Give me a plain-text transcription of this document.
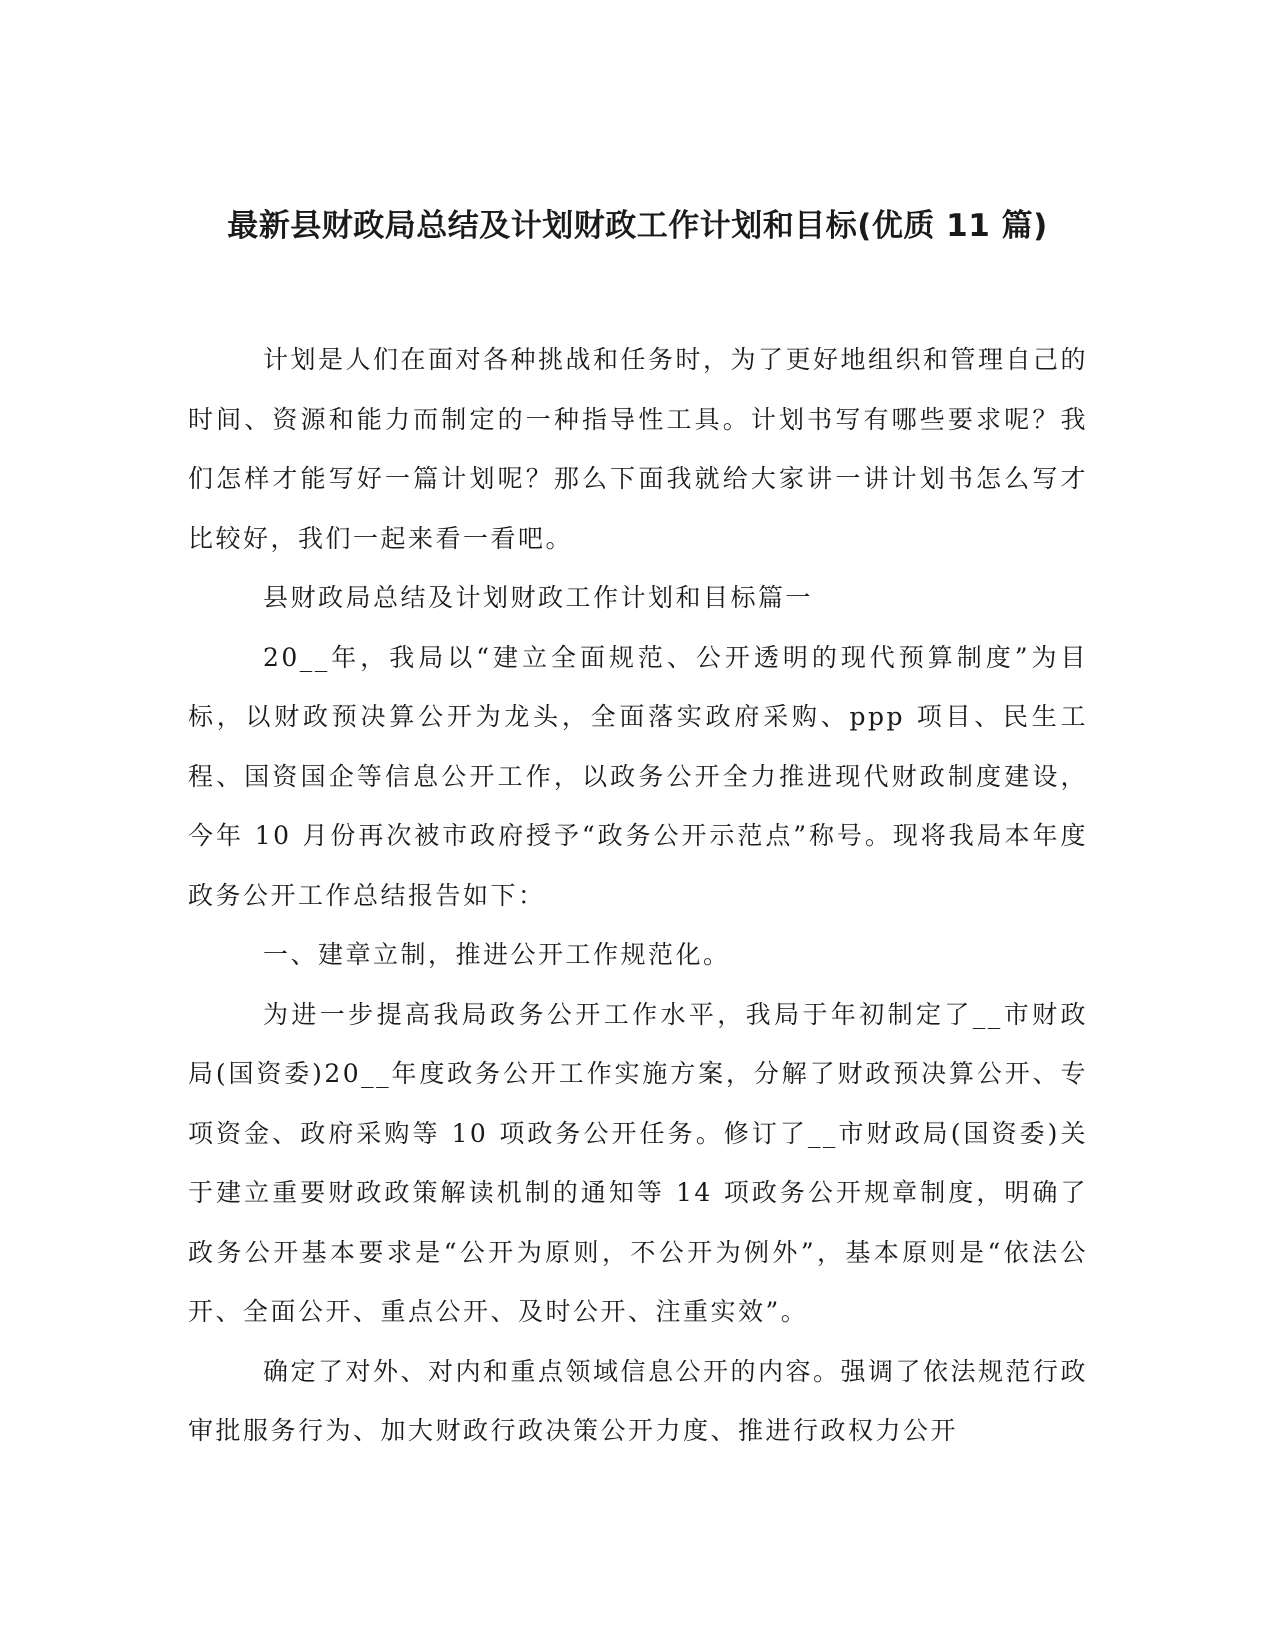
最新县财政局总结及计划财政工作计划和目标(优质 11 篇)

计划是人们在面对各种挑战和任务时，为了更好地组织和管理自己的时间、资源和能力而制定的一种指导性工具。计划书写有哪些要求呢？我们怎样才能写好一篇计划呢？那么下面我就给大家讲一讲计划书怎么写才比较好，我们一起来看一看吧。

县财政局总结及计划财政工作计划和目标篇一

20__年，我局以“建立全面规范、公开透明的现代预算制度”为目标，以财政预决算公开为龙头，全面落实政府采购、ppp 项目、民生工程、国资国企等信息公开工作，以政务公开全力推进现代财政制度建设，今年 10 月份再次被市政府授予“政务公开示范点”称号。现将我局本年度政务公开工作总结报告如下：

一、建章立制，推进公开工作规范化。

为进一步提高我局政务公开工作水平，我局于年初制定了__市财政局(国资委)20__年度政务公开工作实施方案，分解了财政预决算公开、专项资金、政府采购等 10 项政务公开任务。修订了__市财政局(国资委)关于建立重要财政政策解读机制的通知等 14 项政务公开规章制度，明确了政务公开基本要求是“公开为原则，不公开为例外”，基本原则是“依法公开、全面公开、重点公开、及时公开、注重实效”。

确定了对外、对内和重点领域信息公开的内容。强调了依法规范行政审批服务行为、加大财政行政决策公开力度、推进行政权力公开
